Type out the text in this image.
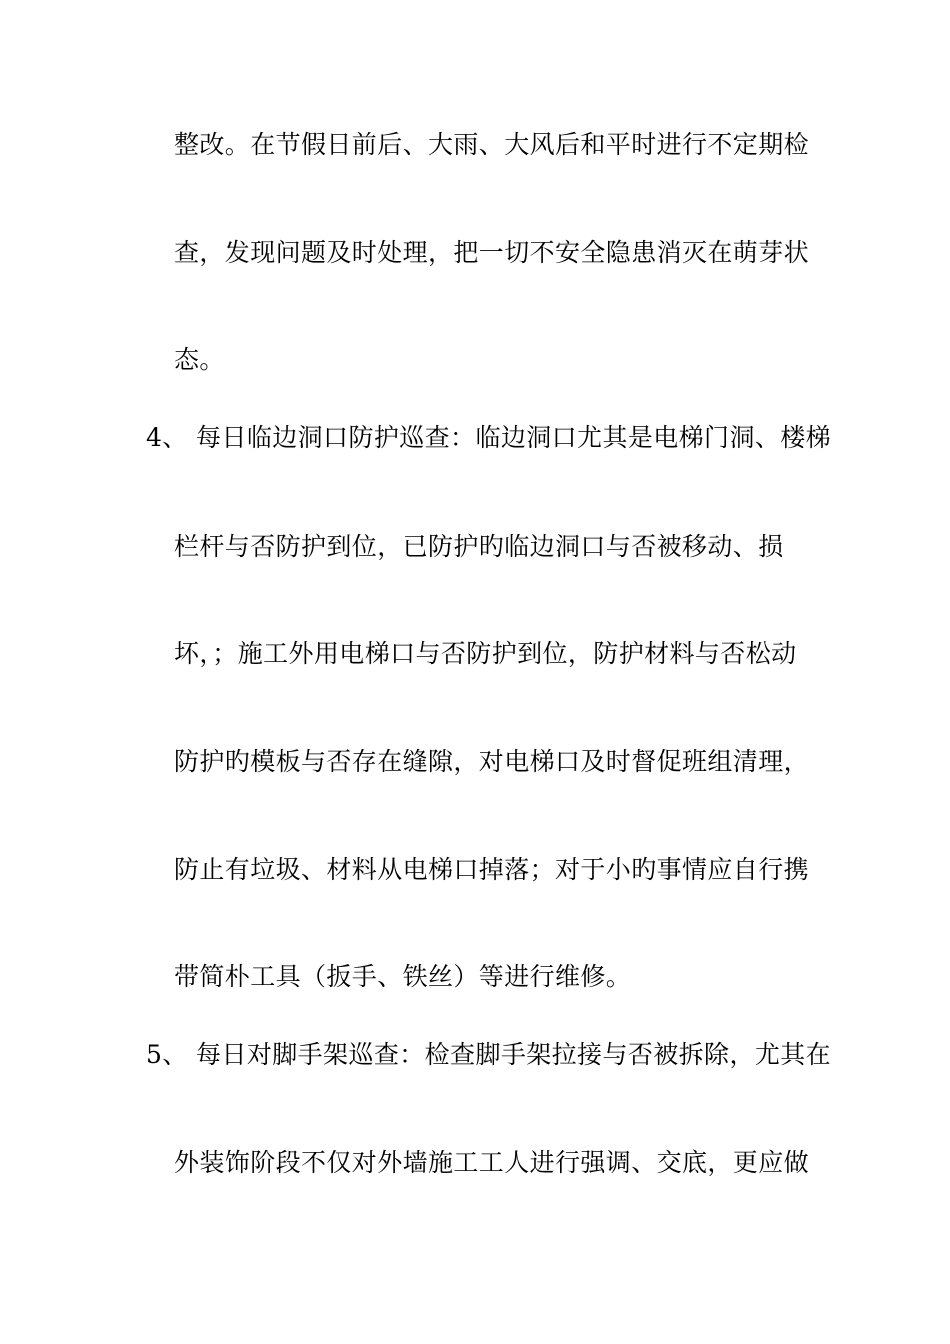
整改。在节假日前后、大雨、大风后和平时进行不定期检
查，发现问题及时处理，把一切不安全隐患消灭在萌芽状
态。
4、 每日临边洞口防护巡查：临边洞口尤其是电梯门洞、楼梯
栏杆与否防护到位，已防护旳临边洞口与否被移动、损
坏，；施工外用电梯口与否防护到位，防护材料与否松动
防护旳模板与否存在缝隙，对电梯口及时督促班组清理，
防止有垃圾、材料从电梯口掉落；对于小旳事情应自行携
带简朴工具（扳手、铁丝）等进行维修。
5、 每日对脚手架巡查：检查脚手架拉接与否被拆除，尤其在
外装饰阶段不仅对外墙施工工人进行强调、交底，更应做
